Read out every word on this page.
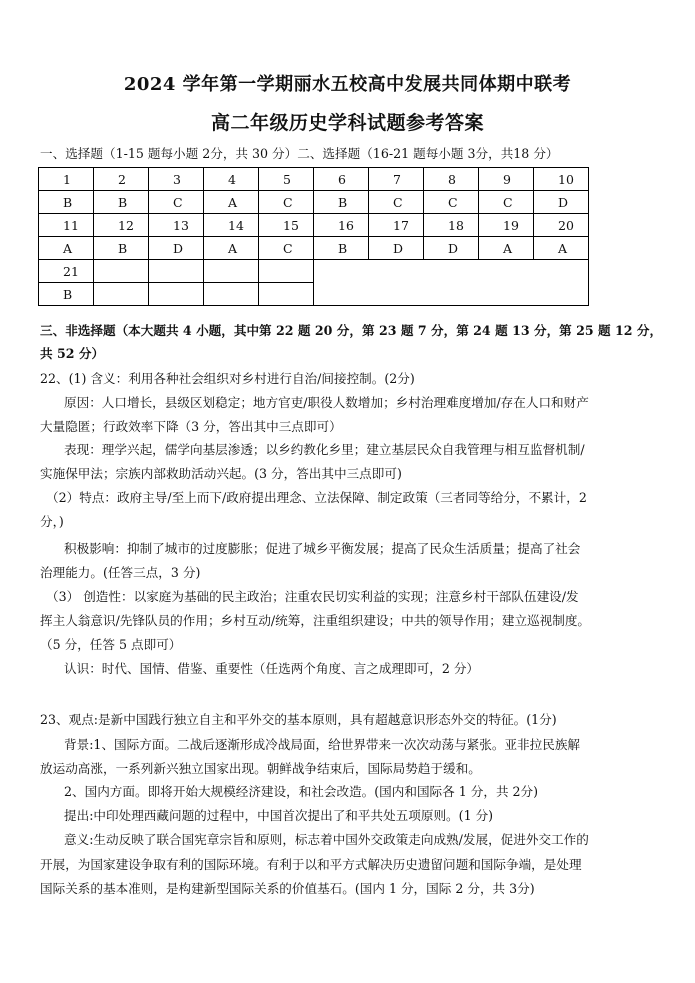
2024 学年第一学期丽水五校高中发展共同体期中联考
高二年级历史学科试题参考答案
一、选择题（1-15 题每小题 2分，共 30 分）二、选择题（16-21 题每小题 3分，共18 分）
1	2	3	4	5	6	7	8	9	10
B	B	C	A	C	B	C	C	C	D
11	12	13	14	15	16	17	18	19	20
A	B	D	A	C	B	D	D	A	A
21									
B									
三、非选择题（本大题共 4 小题，其中第 22 题 20 分，第 23 题 7 分，第 24 题 13 分，第 25 题 12 分，
共 52 分）
22、(1) 含义：利用各种社会组织对乡村进行自治/间接控制。(2分)
原因：人口增长，县级区划稳定；地方官吏/职役人数增加；乡村治理难度增加/存在人口和财产
大量隐匿；行政效率下降（3 分，答出其中三点即可）
表现：理学兴起，儒学向基层渗透；以乡约教化乡里；建立基层民众自我管理与相互监督机制/
实施保甲法；宗族内部救助活动兴起。(3 分，答出其中三点即可)
（2）特点：政府主导/至上而下/政府提出理念、立法保障、制定政策（三者同等给分，不累计，2
分，)
积极影响：抑制了城市的过度膨胀；促进了城乡平衡发展；提高了民众生活质量；提高了社会
治理能力。(任答三点，3 分)
（3） 创造性：以家庭为基础的民主政治；注重农民切实利益的实现；注意乡村干部队伍建设/发
挥主人翁意识/先锋队员的作用；乡村互动/统筹，注重组织建设；中共的领导作用；建立巡视制度。
（5 分，任答 5 点即可）
认识：时代、国情、借鉴、重要性（任选两个角度、言之成理即可，2 分）
23、观点:是新中国践行独立自主和平外交的基本原则，具有超越意识形态外交的特征。(1分)
背景:1、国际方面。二战后逐渐形成冷战局面，给世界带来一次次动荡与紧张。亚非拉民族解
放运动高涨，一系列新兴独立国家出现。朝鲜战争结束后，国际局势趋于缓和。
2、国内方面。即将开始大规模经济建设，和社会改造。(国内和国际各 1 分，共 2分)
提出:中印处理西藏问题的过程中，中国首次提出了和平共处五项原则。(1 分)
意义:生动反映了联合国宪章宗旨和原则，标志着中国外交政策走向成熟/发展，促进外交工作的
开展，为国家建设争取有利的国际环境。有利于以和平方式解决历史遗留问题和国际争端，是处理
国际关系的基本准则，是构建新型国际关系的价值基石。(国内 1 分，国际 2 分，共 3分)
